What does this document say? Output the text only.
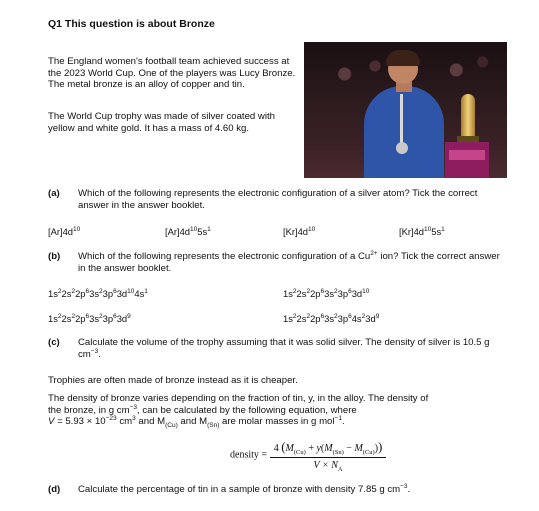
Q1 This question is about Bronze
The England women's football team achieved success at the 2023 World Cup. One of the players was Lucy Bronze. The metal bronze is an alloy of copper and tin.
The World Cup trophy was made of silver coated with yellow and white gold. It has a mass of 4.60 kg.
(a) Which of the following represents the electronic configuration of a silver atom? Tick the correct answer in the answer booklet.
$[Ar]4d^{10}$	$[Ar]4d^{10}5s^1$	$[Kr]4d^{10}$	$[Kr]4d^{10}5s^1$
(b) Which of the following represents the electronic configuration of a $Cu^{2+}$ ion? Tick the correct answer in the answer booklet.
$1s^22s^22p^63s^23p^63d^{10}4s^1$	$1s^22s^22p^63s^23p^63d^{10}$
$1s^22s^22p^63s^23p^63d^9$	$1s^22s^22p^63s^23p^64s^23d^9$
(c) Calculate the volume of the trophy assuming that it was solid silver. The density of silver is 10.5 g $cm^{-3}$.
Trophies are often made of bronze instead as it is cheaper.
The density of bronze varies depending on the fraction of tin, y, in the alloy. The density of
the bronze, in g $cm^{-3}$, can be calculated by the following equation, where
$V = 5.93 \times 10^{-23}$ $cm^3$ and $M_{(Cu)}$ and $M_{(Sn)}$ are molar masses in g mol$^{-1}$.
density = $\frac{4 (M_{(Cu)} + y(M_{(Sn)} - M_{(Cu)}))}{V \times N_A}$
(d) Calculate the percentage of tin in a sample of bronze with density 7.85 g $cm^{-3}$.
